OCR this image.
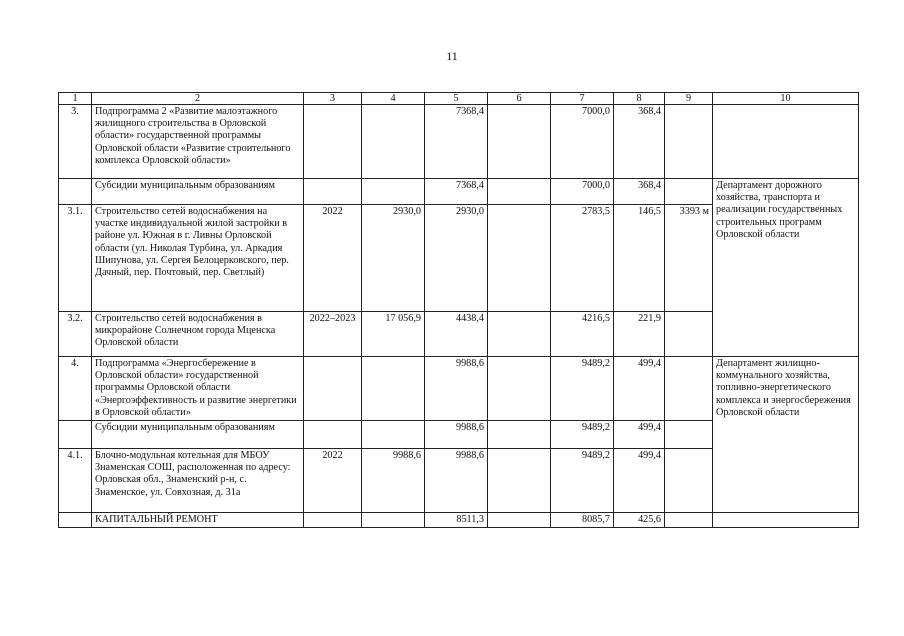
11
1	2	3	4	5	6	7	8	9	10
3.	Подпрограмма 2 «Развитие малоэтажного жилищного строительства в Орловской области» государственной программы Орловской области «Развитие строительного комплекса Орловской области»			7368,4		7000,0	368,4		
	Субсидии муниципальным образованиям			7368,4		7000,0	368,4		Департамент дорожного хозяйства, транспорта и реализации государственных строительных программ Орловской области
3.1.	Строительство сетей водоснабжения на участке индивидуальной жилой застройки в районе ул. Южная в г. Ливны Орловской области (ул. Николая Турбина, ул. Аркадия Шипунова, ул. Сергея Белоцерковского, пер. Дачный, пер. Почтовый, пер. Светлый)	2022	2930,0	2930,0		2783,5	146,5	3393 м	
3.2.	Строительство сетей водоснабжения в микрорайоне Солнечном города Мценска Орловской области	2022–2023	17 056,9	4438,4		4216,5	221,9		
4.	Подпрограмма «Энергосбережение в Орловской области» государственной программы Орловской области «Энергоэффективность и развитие энергетики в Орловской области»			9988,6		9489,2	499,4		Департамент жилищно-коммунального хозяйства, топливно-энергетического комплекса и энергосбережения Орловской области
	Субсидии муниципальным образованиям			9988,6		9489,2	499,4		
4.1.	Блочно-модульная котельная для МБОУ Знаменская СОШ, расположенная по адресу: Орловская обл., Знаменский р-н, с. Знаменское, ул. Совхозная, д. 31а	2022	9988,6	9988,6		9489,2	499,4		
	КАПИТАЛЬНЫЙ РЕМОНТ			8511,3		8085,7	425,6		
